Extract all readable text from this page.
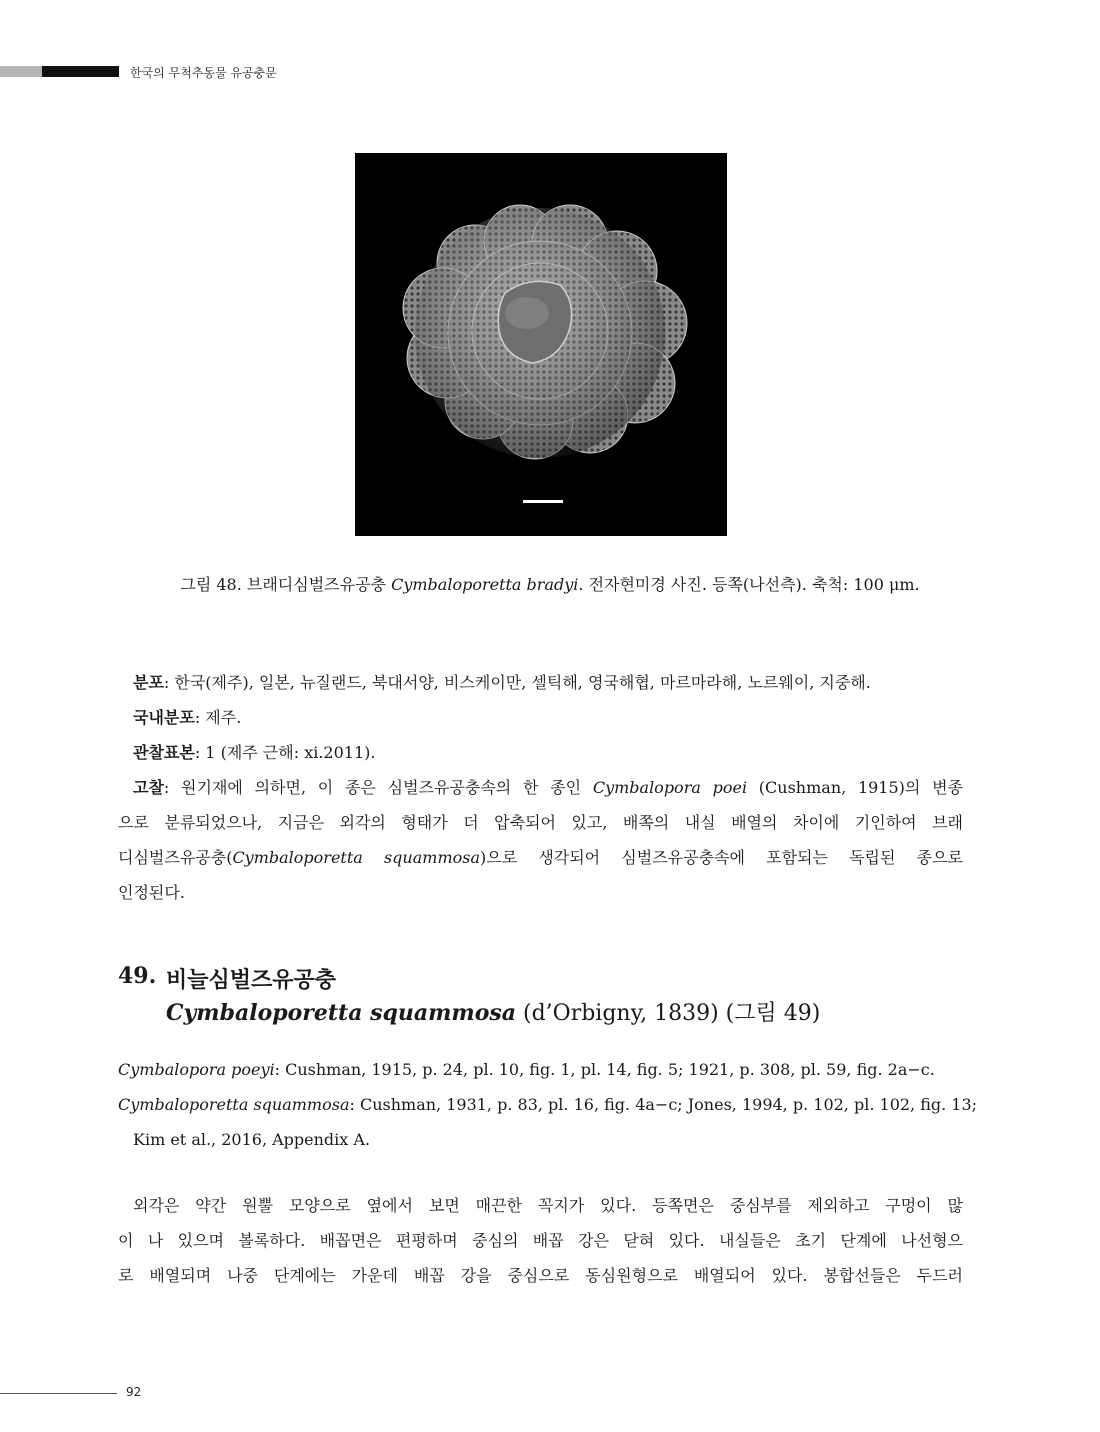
한국의 무척추동물 유공충문
그림 48. 브래디심벌즈유공충 Cymbaloporetta bradyi. 전자현미경 사진. 등쪽(나선측). 축척: 100 μm.
분포: 한국(제주), 일본, 뉴질랜드, 북대서양, 비스케이만, 셀틱해, 영국해협, 마르마라해, 노르웨이, 지중해.
국내분포: 제주.
관찰표본: 1 (제주 근해: xi.2011).
고찰: 원기재에 의하면, 이 종은 심벌즈유공충속의 한 종인 Cymbalopora poei (Cushman, 1915)의 변종
으로 분류되었으나, 지금은 외각의 형태가 더 압축되어 있고, 배쪽의 내실 배열의 차이에 기인하여 브래
디심벌즈유공충(Cymbaloporetta squammosa)으로 생각되어 심벌즈유공충속에 포함되는 독립된 종으로
인정된다.
49. 비늘심벌즈유공충
Cymbaloporetta squammosa (d’Orbigny, 1839) (그림 49)
Cymbalopora poeyi: Cushman, 1915, p. 24, pl. 10, fig. 1, pl. 14, fig. 5; 1921, p. 308, pl. 59, fig. 2a−c.
Cymbaloporetta squammosa: Cushman, 1931, p. 83, pl. 16, fig. 4a−c; Jones, 1994, p. 102, pl. 102, fig. 13;
Kim et al., 2016, Appendix A.
외각은 약간 원뿔 모양으로 옆에서 보면 매끈한 꼭지가 있다. 등쪽면은 중심부를 제외하고 구멍이 많
이 나 있으며 볼록하다. 배꼽면은 편평하며 중심의 배꼽 강은 닫혀 있다. 내실들은 초기 단계에 나선형으
로 배열되며 나중 단계에는 가운데 배꼽 강을 중심으로 동심원형으로 배열되어 있다. 봉합선들은 두드러
92
